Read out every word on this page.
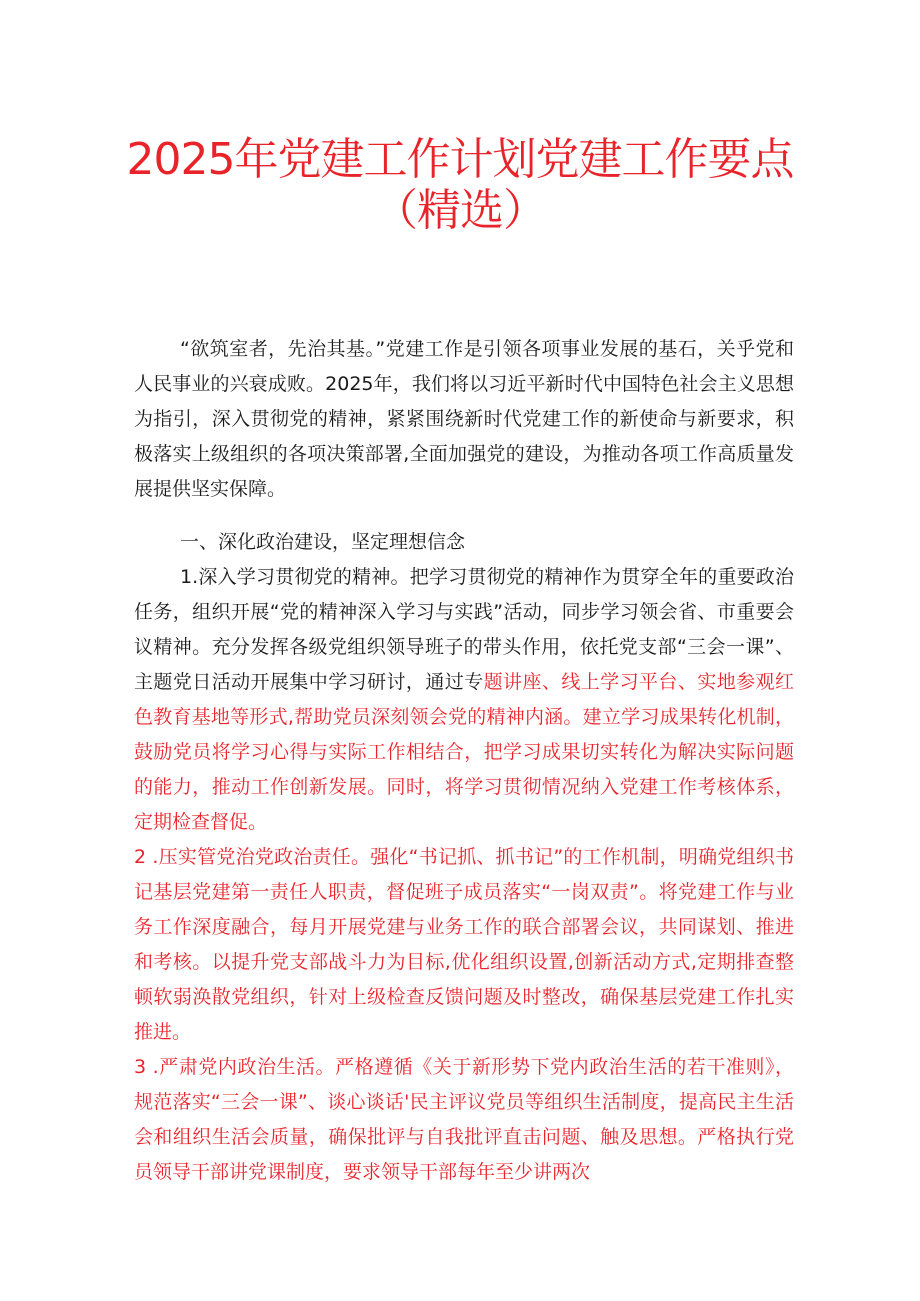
2025年党建工作计划党建工作要点
（精选）

“欲筑室者，先治其基。”党建工作是引领各项事业发展的基石，关乎党和人民事业的兴衰成败。2025年，我们将以习近平新时代中国特色社会主义思想为指引，深入贯彻党的精神，紧紧围绕新时代党建工作的新使命与新要求，积极落实上级组织的各项决策部署,全面加强党的建设，为推动各项工作高质量发展提供坚实保障。

一、深化政治建设，坚定理想信念

1.深入学习贯彻党的精神。把学习贯彻党的精神作为贯穿全年的重要政治任务，组织开展“党的精神深入学习与实践”活动，同步学习领会省、市重要会议精神。充分发挥各级党组织领导班子的带头作用，依托党支部“三会一课”、主题党日活动开展集中学习研讨，通过专题讲座、线上学习平台、实地参观红色教育基地等形式,帮助党员深刻领会党的精神内涵。建立学习成果转化机制，鼓励党员将学习心得与实际工作相结合，把学习成果切实转化为解决实际问题的能力，推动工作创新发展。同时，将学习贯彻情况纳入党建工作考核体系，定期检查督促。

2 .压实管党治党政治责任。强化“书记抓、抓书记”的工作机制，明确党组织书记基层党建第一责任人职责，督促班子成员落实“一岗双责”。将党建工作与业务工作深度融合，每月开展党建与业务工作的联合部署会议，共同谋划、推进和考核。以提升党支部战斗力为目标,优化组织设置,创新活动方式,定期排查整顿软弱涣散党组织，针对上级检查反馈问题及时整改，确保基层党建工作扎实推进。

3 .严肃党内政治生活。严格遵循《关于新形势下党内政治生活的若干准则》，规范落实“三会一课”、谈心谈话'民主评议党员等组织生活制度，提高民主生活会和组织生活会质量，确保批评与自我批评直击问题、触及思想。严格执行党员领导干部讲党课制度，要求领导干部每年至少讲两次
